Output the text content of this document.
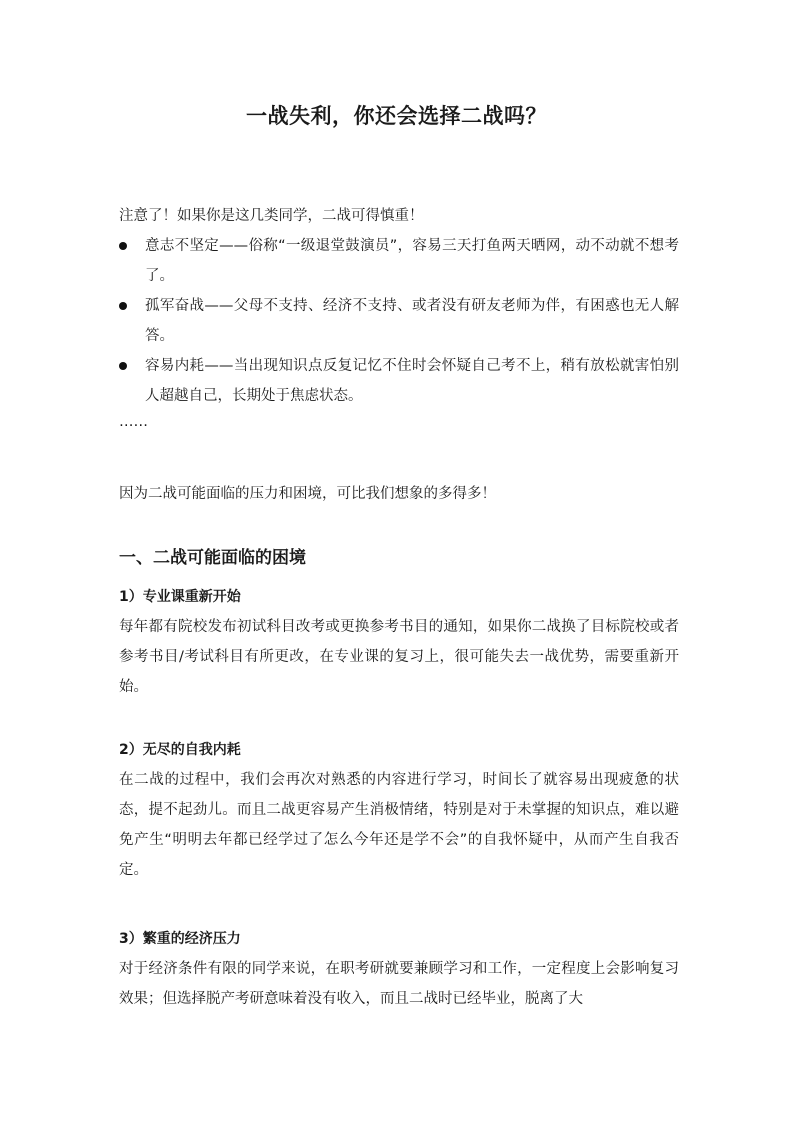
一战失利，你还会选择二战吗？

注意了！如果你是这几类同学，二战可得慎重！

意志不坚定——俗称“一级退堂鼓演员”，容易三天打鱼两天晒网，动不动就不想考了。
孤军奋战——父母不支持、经济不支持、或者没有研友老师为伴，有困惑也无人解答。
容易内耗——当出现知识点反复记忆不住时会怀疑自己考不上，稍有放松就害怕别人超越自己，长期处于焦虑状态。

……

因为二战可能面临的压力和困境，可比我们想象的多得多！

一、二战可能面临的困境

1）专业课重新开始

每年都有院校发布初试科目改考或更换参考书目的通知，如果你二战换了目标院校或者参考书目/考试科目有所更改，在专业课的复习上，很可能失去一战优势，需要重新开始。

2）无尽的自我内耗

在二战的过程中，我们会再次对熟悉的内容进行学习，时间长了就容易出现疲惫的状态，提不起劲儿。而且二战更容易产生消极情绪，特别是对于未掌握的知识点，难以避免产生“明明去年都已经学过了怎么今年还是学不会”的自我怀疑中，从而产生自我否定。

3）繁重的经济压力

对于经济条件有限的同学来说，在职考研就要兼顾学习和工作，一定程度上会影响复习效果；但选择脱产考研意味着没有收入，而且二战时已经毕业，脱离了大
